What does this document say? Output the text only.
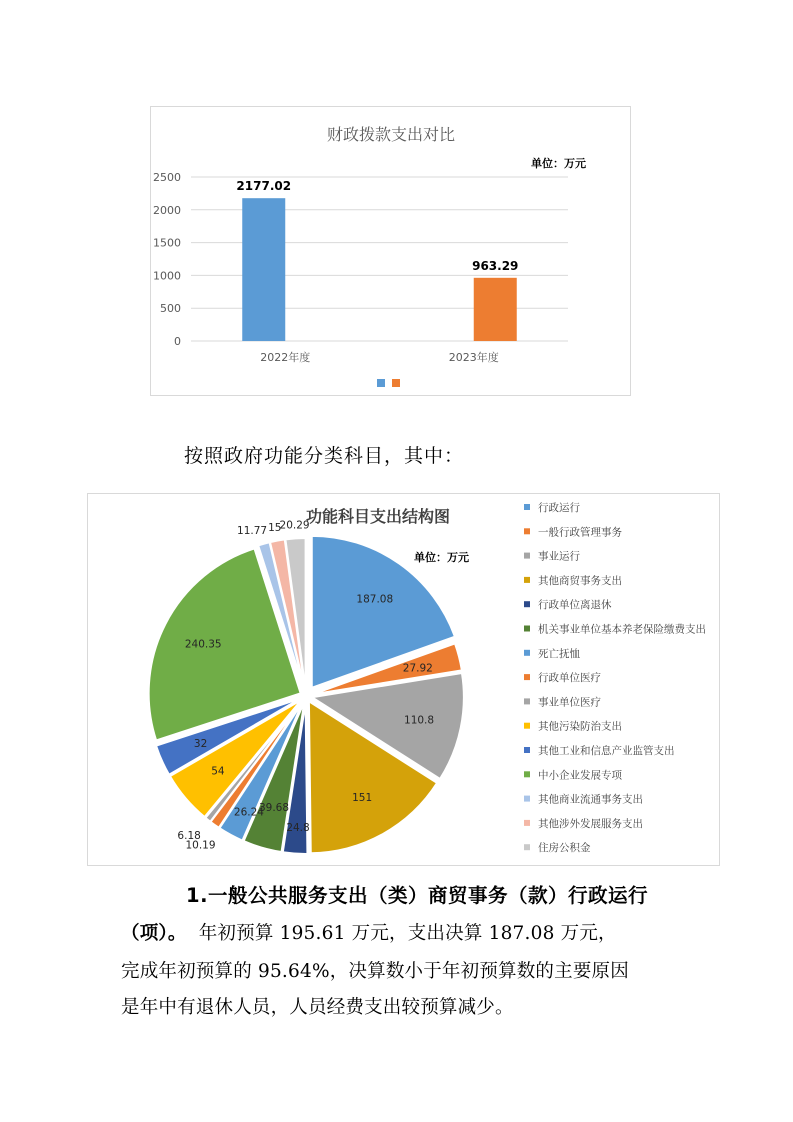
财政拨款支出对比
单位：万元
0
500
1000
1500
2000
2500
2022年度	2023年度
2177.02
963.29
按照政府功能分类科目，其中：
功能科目支出结构图
单位：万元
187.08
27.92
110.8
151
24.8
39.68
26.24
10.19
6.18
54
32
240.35
11.77 15
20.29
行政运行
一般行政管理事务
事业运行
其他商贸事务支出
行政单位离退休
机关事业单位基本养老保险缴费支出
死亡抚恤
行政单位医疗
事业单位医疗
其他污染防治支出
其他工业和信息产业监管支出
中小企业发展专项
其他商业流通事务支出
其他涉外发展服务支出
住房公积金
1.一般公共服务支出（类）商贸事务（款）行政运行
（项）。 年初预算 195.61 万元，支出决算 187.08 万元，
完成年初预算的 95.64%，决算数小于年初预算数的主要原因
是年中有退休人员，人员经费支出较预算减少。
